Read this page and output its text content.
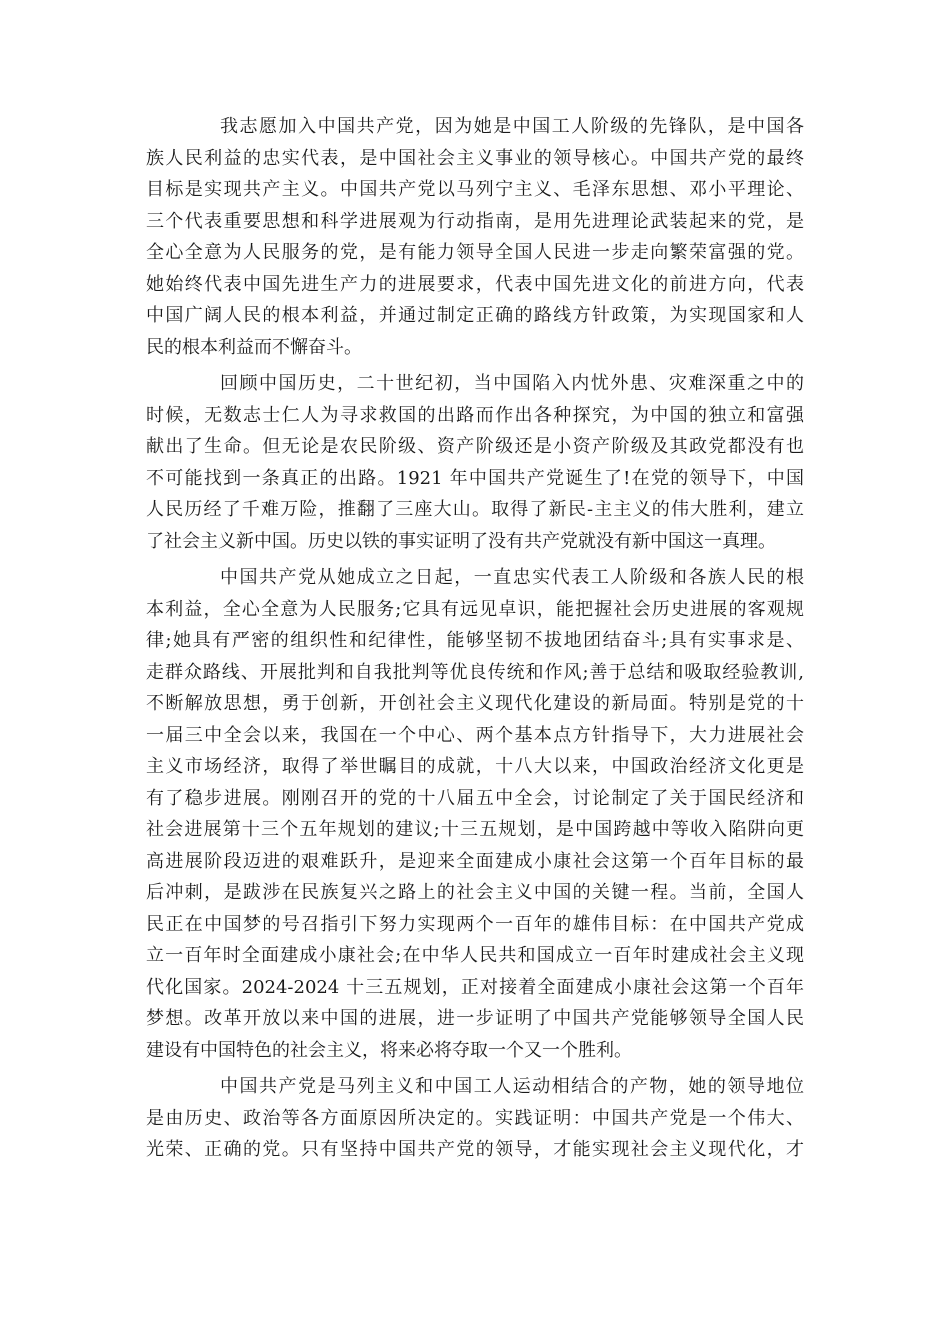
我志愿加入中国共产党，因为她是中国工人阶级的先锋队，是中国各
族人民利益的忠实代表，是中国社会主义事业的领导核心。中国共产党的最终
目标是实现共产主义。中国共产党以马列宁主义、毛泽东思想、邓小平理论、
三个代表重要思想和科学进展观为行动指南，是用先进理论武装起来的党，是
全心全意为人民服务的党，是有能力领导全国人民进一步走向繁荣富强的党。
她始终代表中国先进生产力的进展要求，代表中国先进文化的前进方向，代表
中国广阔人民的根本利益，并通过制定正确的路线方针政策，为实现国家和人
民的根本利益而不懈奋斗。
回顾中国历史，二十世纪初，当中国陷入内忧外患、灾难深重之中的
时候，无数志士仁人为寻求救国的出路而作出各种探究，为中国的独立和富强
献出了生命。但无论是农民阶级、资产阶级还是小资产阶级及其政党都没有也
不可能找到一条真正的出路。1921 年中国共产党诞生了!在党的领导下，中国
人民历经了千难万险，推翻了三座大山。取得了新民-主主义的伟大胜利，建立
了社会主义新中国。历史以铁的事实证明了没有共产党就没有新中国这一真理。
中国共产党从她成立之日起，一直忠实代表工人阶级和各族人民的根
本利益，全心全意为人民服务;它具有远见卓识，能把握社会历史进展的客观规
律;她具有严密的组织性和纪律性，能够坚韧不拔地团结奋斗;具有实事求是、
走群众路线、开展批判和自我批判等优良传统和作风;善于总结和吸取经验教训,
不断解放思想，勇于创新，开创社会主义现代化建设的新局面。特别是党的十
一届三中全会以来，我国在一个中心、两个基本点方针指导下，大力进展社会
主义市场经济，取得了举世瞩目的成就，十八大以来，中国政治经济文化更是
有了稳步进展。刚刚召开的党的十八届五中全会，讨论制定了关于国民经济和
社会进展第十三个五年规划的建议;十三五规划，是中国跨越中等收入陷阱向更
高进展阶段迈进的艰难跃升，是迎来全面建成小康社会这第一个百年目标的最
后冲刺，是跋涉在民族复兴之路上的社会主义中国的关键一程。当前，全国人
民正在中国梦的号召指引下努力实现两个一百年的雄伟目标：在中国共产党成
立一百年时全面建成小康社会;在中华人民共和国成立一百年时建成社会主义现
代化国家。2024-2024 十三五规划，正对接着全面建成小康社会这第一个百年
梦想。改革开放以来中国的进展，进一步证明了中国共产党能够领导全国人民
建设有中国特色的社会主义，将来必将夺取一个又一个胜利。
中国共产党是马列主义和中国工人运动相结合的产物，她的领导地位
是由历史、政治等各方面原因所决定的。实践证明：中国共产党是一个伟大、
光荣、正确的党。只有坚持中国共产党的领导，才能实现社会主义现代化，才
